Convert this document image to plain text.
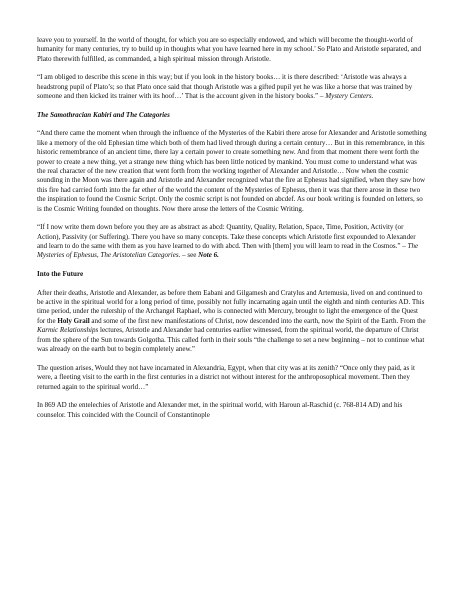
leave you to yourself. In the world of thought, for which you are so especially endowed, and which will become the thought-world of humanity for many centuries, try to build up in thoughts what you have learned here in my school.' So Plato and Aristotle separated, and Plato therewith fulfilled, as commanded, a high spiritual mission through Aristotle.

“I am obliged to describe this scene in this way; but if you look in the history books… it is there described: ‘Aristotle was always a headstrong pupil of Plato’s; so that Plato once said that though Aristotle was a gifted pupil yet he was like a horse that was trained by someone and then kicked its trainer with its hoof…’ That is the account given in the history books.” – Mystery Centers.

The Samothracian Kabiri and The Categories

“And there came the moment when through the influence of the Mysteries of the Kabiri there arose for Alexander and Aristotle something like a memory of the old Ephesian time which both of them had lived through during a certain century… But in this remembrance, in this historic remembrance of an ancient time, there lay a certain power to create something new. And from that moment there went forth the power to create a new thing, yet a strange new thing which has been little noticed by mankind. You must come to understand what was the real character of the new creation that went forth from the working together of Alexander and Aristotle… Now when the cosmic sounding in the Moon was there again and Aristotle and Alexander recognized what the fire at Ephesus had signified, when they saw how this fire had carried forth into the far ether of the world the content of the Mysteries of Ephesus, then it was that there arose in these two the inspiration to found the Cosmic Script. Only the cosmic script is not founded on abcdef. As our book writing is founded on letters, so is the Cosmic Writing founded on thoughts. Now there arose the letters of the Cosmic Writing.

“If I now write them down before you they are as abstract as abcd: Quantity, Quality, Relation, Space, Time, Position, Activity (or Action), Passivity (or Suffering). There you have so many concepts. Take these concepts which Aristotle first expounded to Alexander and learn to do the same with them as you have learned to do with abcd. Then with [them] you will learn to read in the Cosmos.” – The Mysteries of Ephesus, The Aristotelian Categories. – see Note 6.

Into the Future

After their deaths, Aristotle and Alexander, as before them Eabani and Gilgamesh and Cratylus and Artemusia, lived on and continued to be active in the spiritual world for a long period of time, possibly not fully incarnating again until the eighth and ninth centuries AD. This time period, under the rulership of the Archangel Raphael, who is connected with Mercury, brought to light the emergence of the Quest for the Holy Grail and some of the first new manifestations of Christ, now descended into the earth, now the Spirit of the Earth. From the Karmic Relationships lectures, Aristotle and Alexander had centuries earlier witnessed, from the spiritual world, the departure of Christ from the sphere of the Sun towards Golgotha. This called forth in their souls “the challenge to set a new beginning – not to continue what was already on the earth but to begin completely anew.”

The question arises, Would they not have incarnated in Alexandria, Egypt, when that city was at its zenith? “Once only they paid, as it were, a fleeting visit to the earth in the first centuries in a district not without interest for the anthroposophical movement. Then they returned again to the spiritual world…”

In 869 AD the entelechies of Aristotle and Alexander met, in the spiritual world, with Haroun al-Raschid (c. 768-814 AD) and his counselor. This coincided with the Council of Constantinople
